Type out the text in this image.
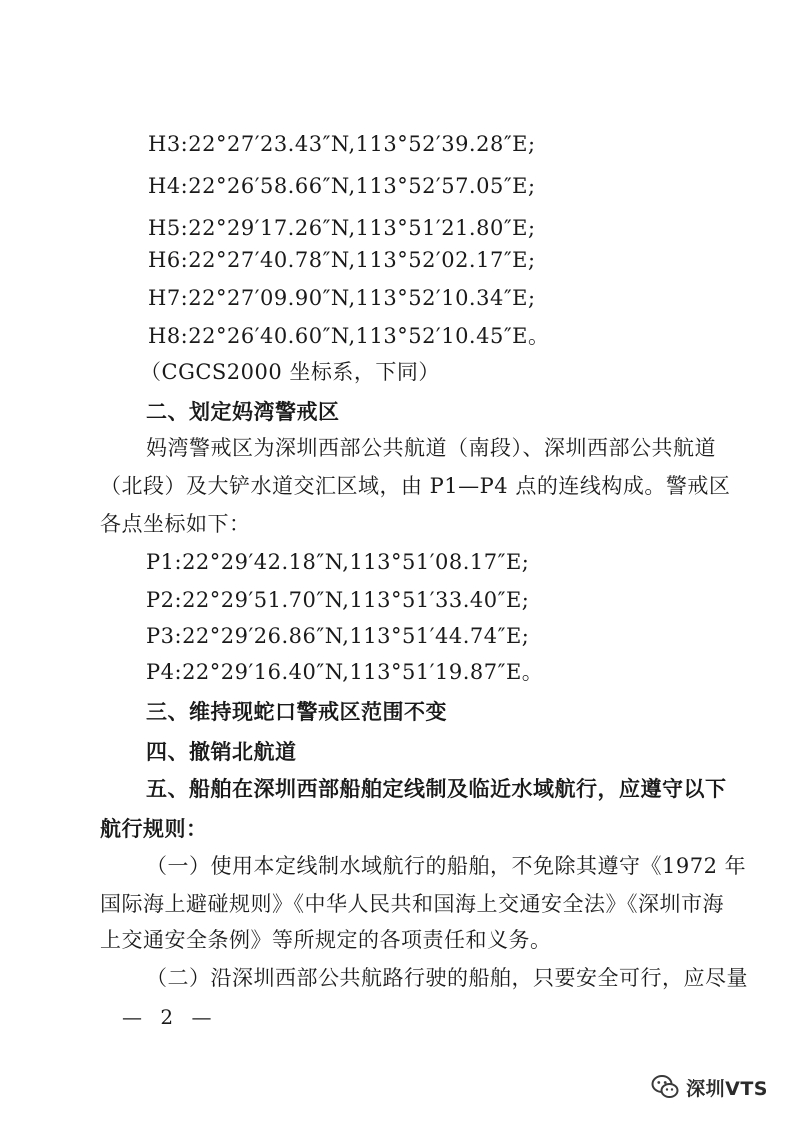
H3:22°27′23.43″N,113°52′39.28″E;
H4:22°26′58.66″N,113°52′57.05″E;
H5:22°29′17.26″N,113°51′21.80″E;
H6:22°27′40.78″N,113°52′02.17″E;
H7:22°27′09.90″N,113°52′10.34″E;
H8:22°26′40.60″N,113°52′10.45″E。
（CGCS2000 坐标系，下同）
二、划定妈湾警戒区
妈湾警戒区为深圳西部公共航道（南段）、深圳西部公共航道
（北段）及大铲水道交汇区域，由 P1—P4 点的连线构成。警戒区
各点坐标如下：
P1:22°29′42.18″N,113°51′08.17″E;
P2:22°29′51.70″N,113°51′33.40″E;
P3:22°29′26.86″N,113°51′44.74″E;
P4:22°29′16.40″N,113°51′19.87″E。
三、维持现蛇口警戒区范围不变
四、撤销北航道
五、船舶在深圳西部船舶定线制及临近水域航行，应遵守以下
航行规则：
（一）使用本定线制水域航行的船舶，不免除其遵守《1972 年
国际海上避碰规则》《中华人民共和国海上交通安全法》《深圳市海
上交通安全条例》等所规定的各项责任和义务。
（二）沿深圳西部公共航路行驶的船舶，只要安全可行，应尽量
— 2 —
深圳VTS
